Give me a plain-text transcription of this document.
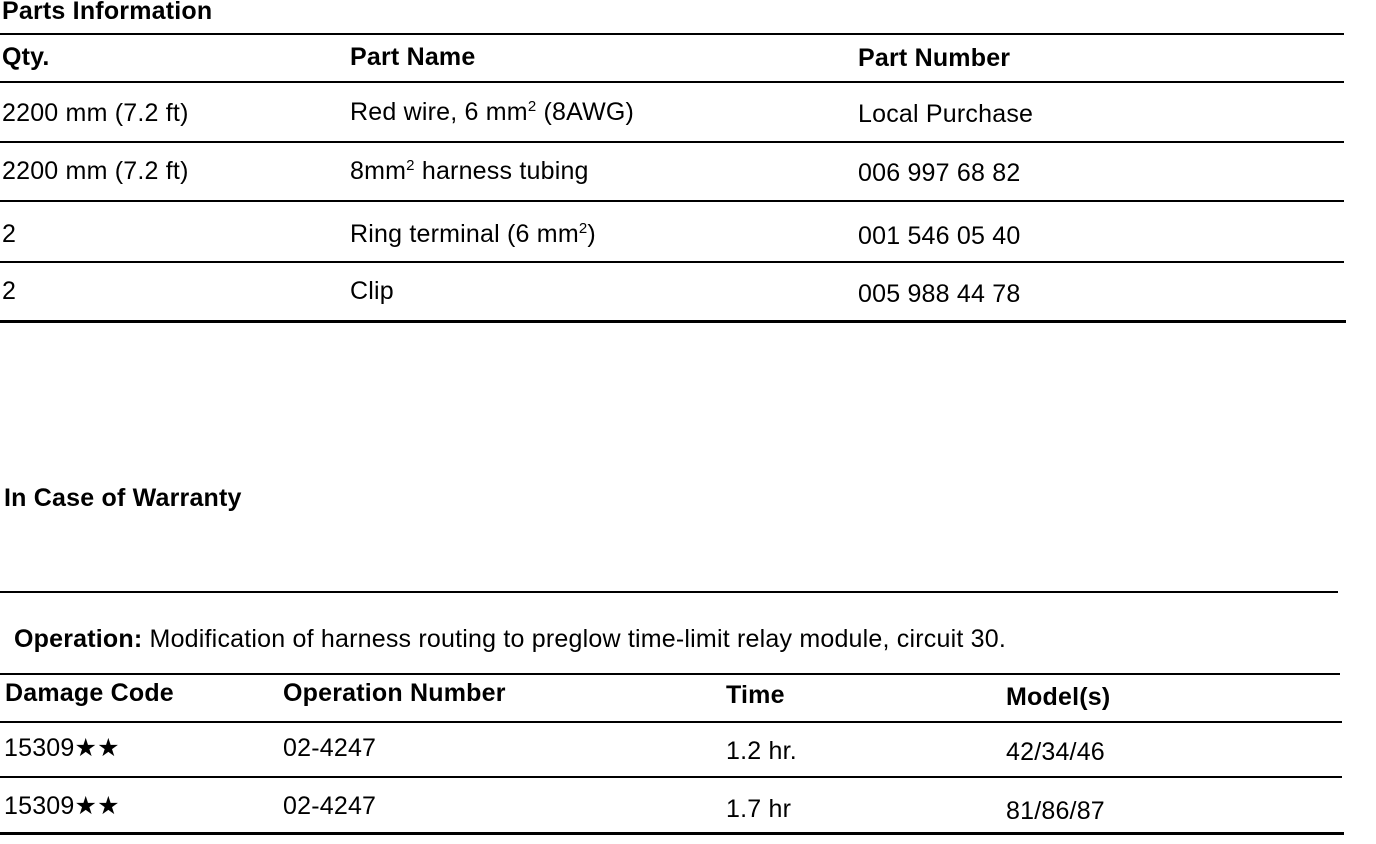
Parts Information
Qty.	Part Name	Part Number
2200 mm (7.2 ft)	Red wire, 6 $mm^2$ (8AWG)	Local Purchase
2200 mm (7.2 ft)	$8mm^2$ harness tubing	006 997 68 82
2	Ring terminal (6 $mm^2$)	001 546 05 40
2	Clip	005 988 44 78
In Case of Warranty
Operation: Modification of harness routing to preglow time-limit relay module, circuit 30.
Damage Code	Operation Number	Time	Model(s)
15309★★	02-4247	1.2 hr.	42/34/46
15309★★	02-4247	1.7 hr	81/86/87
